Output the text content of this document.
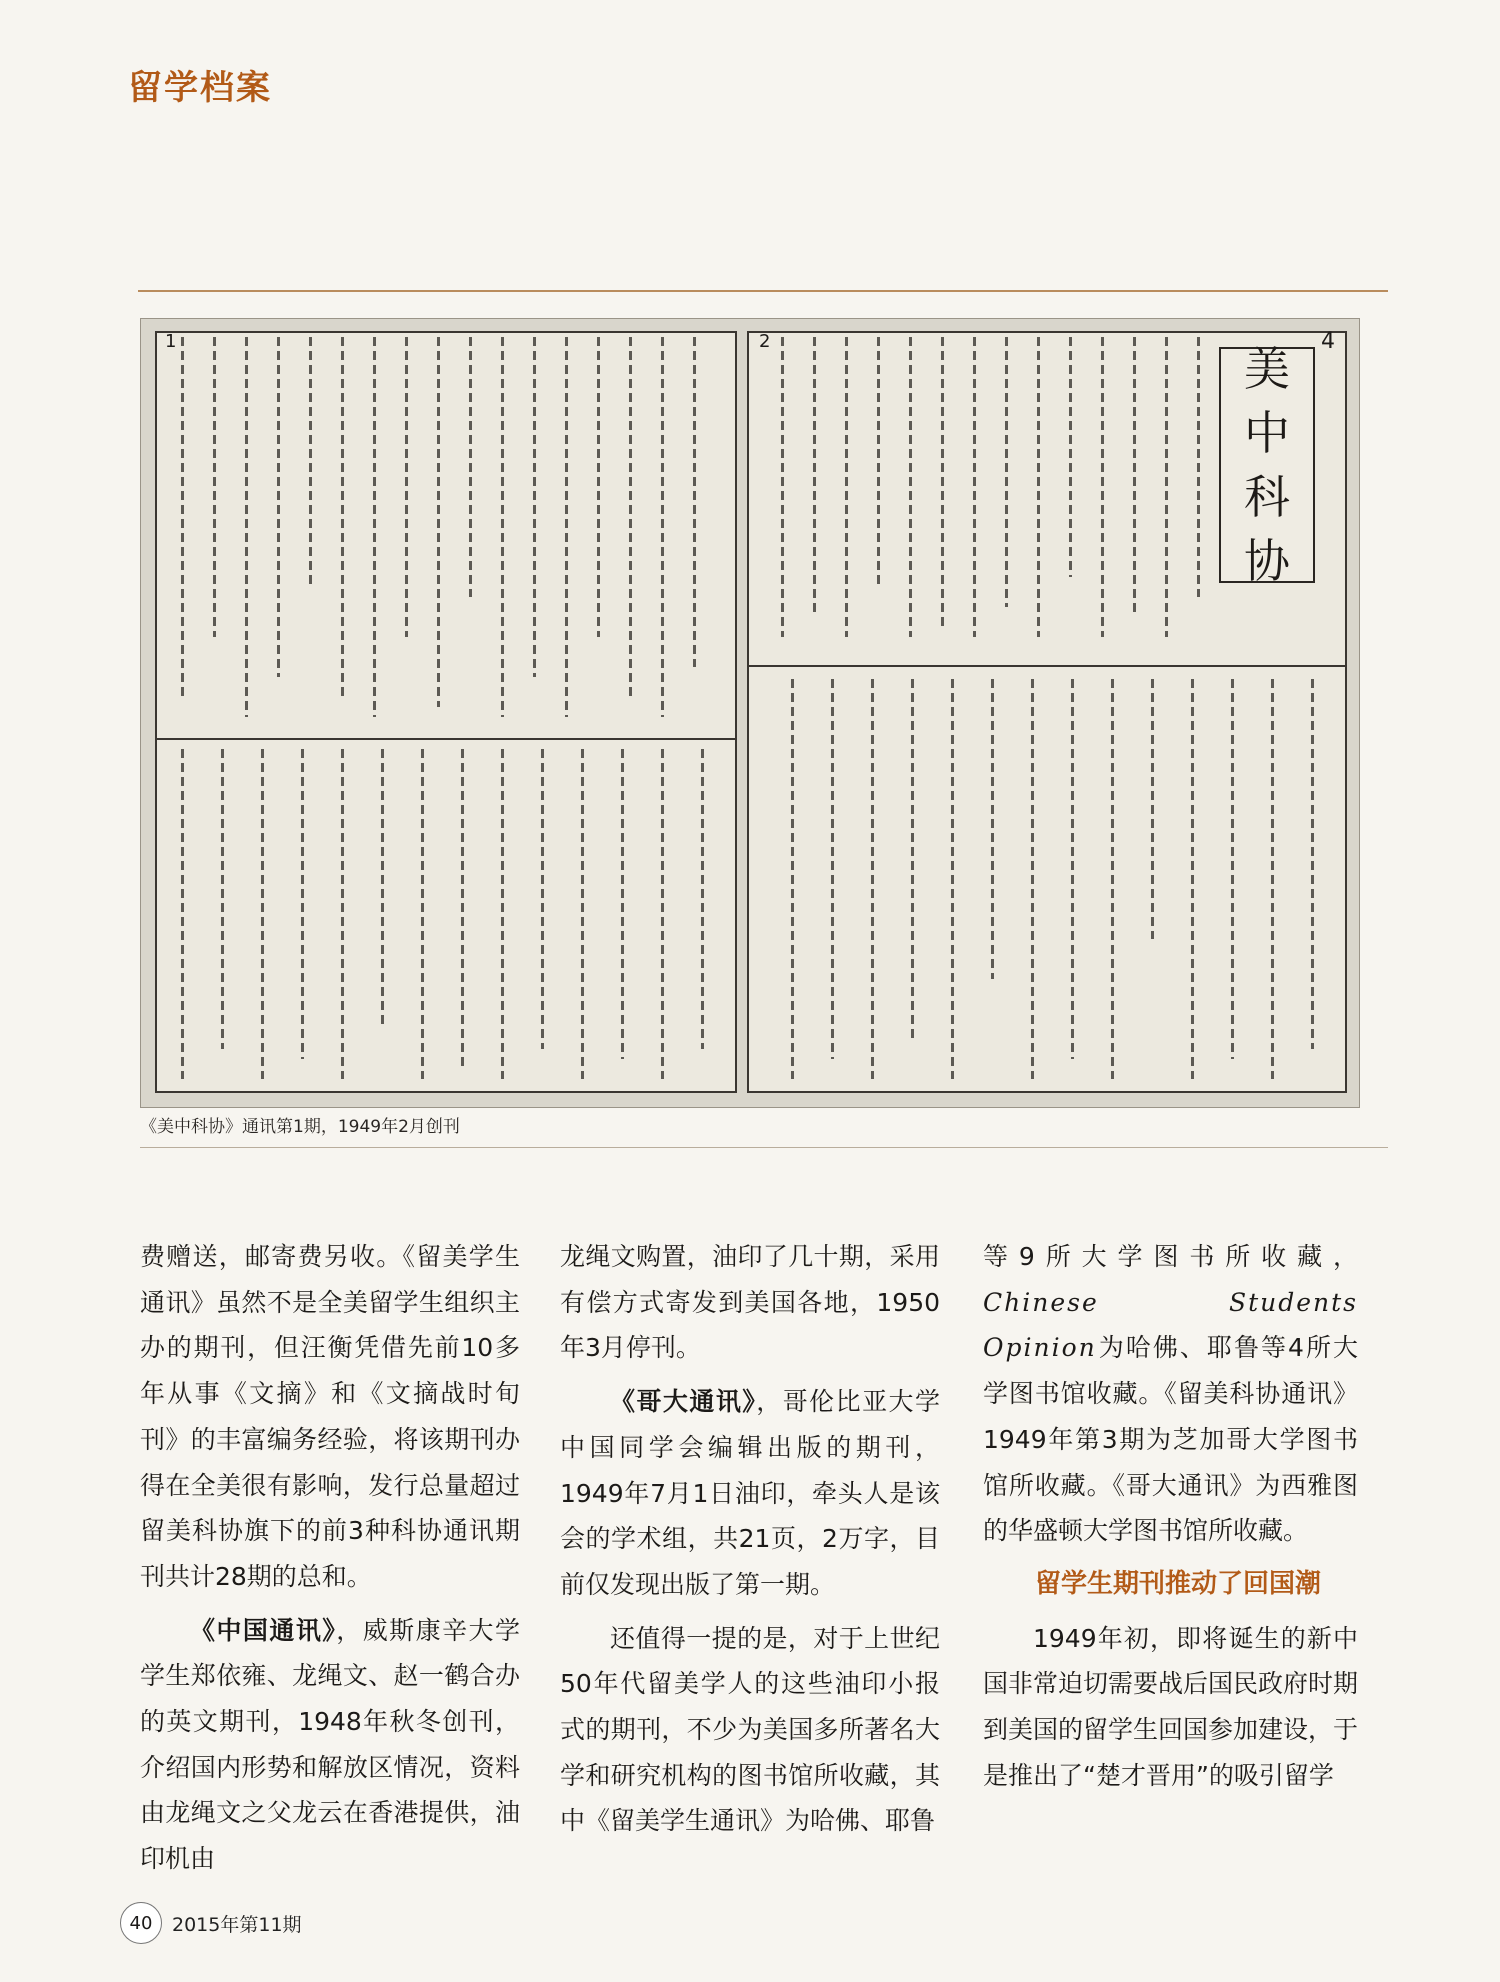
留学档案
1	2	4
美
中
科
协
《美中科协》通讯第1期，1949年2月创刊

费赠送，邮寄费另收。《留美学生通讯》虽然不是全美留学生组织主办的期刊，但汪衡凭借先前10多年从事《文摘》和《文摘战时旬刊》的丰富编务经验，将该期刊办得在全美很有影响，发行总量超过留美科协旗下的前3种科协通讯期刊共计28期的总和。

《中国通讯》，威斯康辛大学学生郑依雍、龙绳文、赵一鹤合办的英文期刊，1948年秋冬创刊，介绍国内形势和解放区情况，资料由龙绳文之父龙云在香港提供，油印机由

龙绳文购置，油印了几十期，采用有偿方式寄发到美国各地，1950年3月停刊。

《哥大通讯》，哥伦比亚大学中国同学会编辑出版的期刊，1949年7月1日油印，牵头人是该会的学术组，共21页，2万字，目前仅发现出版了第一期。

还值得一提的是，对于上世纪50年代留美学人的这些油印小报式的期刊，不少为美国多所著名大学和研究机构的图书馆所收藏，其中《留美学生通讯》为哈佛、耶鲁

等9所大学图书所收藏，Chinese Students Opinion为哈佛、耶鲁等4所大学图书馆收藏。《留美科协通讯》1949年第3期为芝加哥大学图书馆所收藏。《哥大通讯》为西雅图的华盛顿大学图书馆所收藏。

留学生期刊推动了回国潮

1949年初，即将诞生的新中国非常迫切需要战后国民政府时期到美国的留学生回国参加建设，于是推出了“楚才晋用”的吸引留学

40	2015年第11期
